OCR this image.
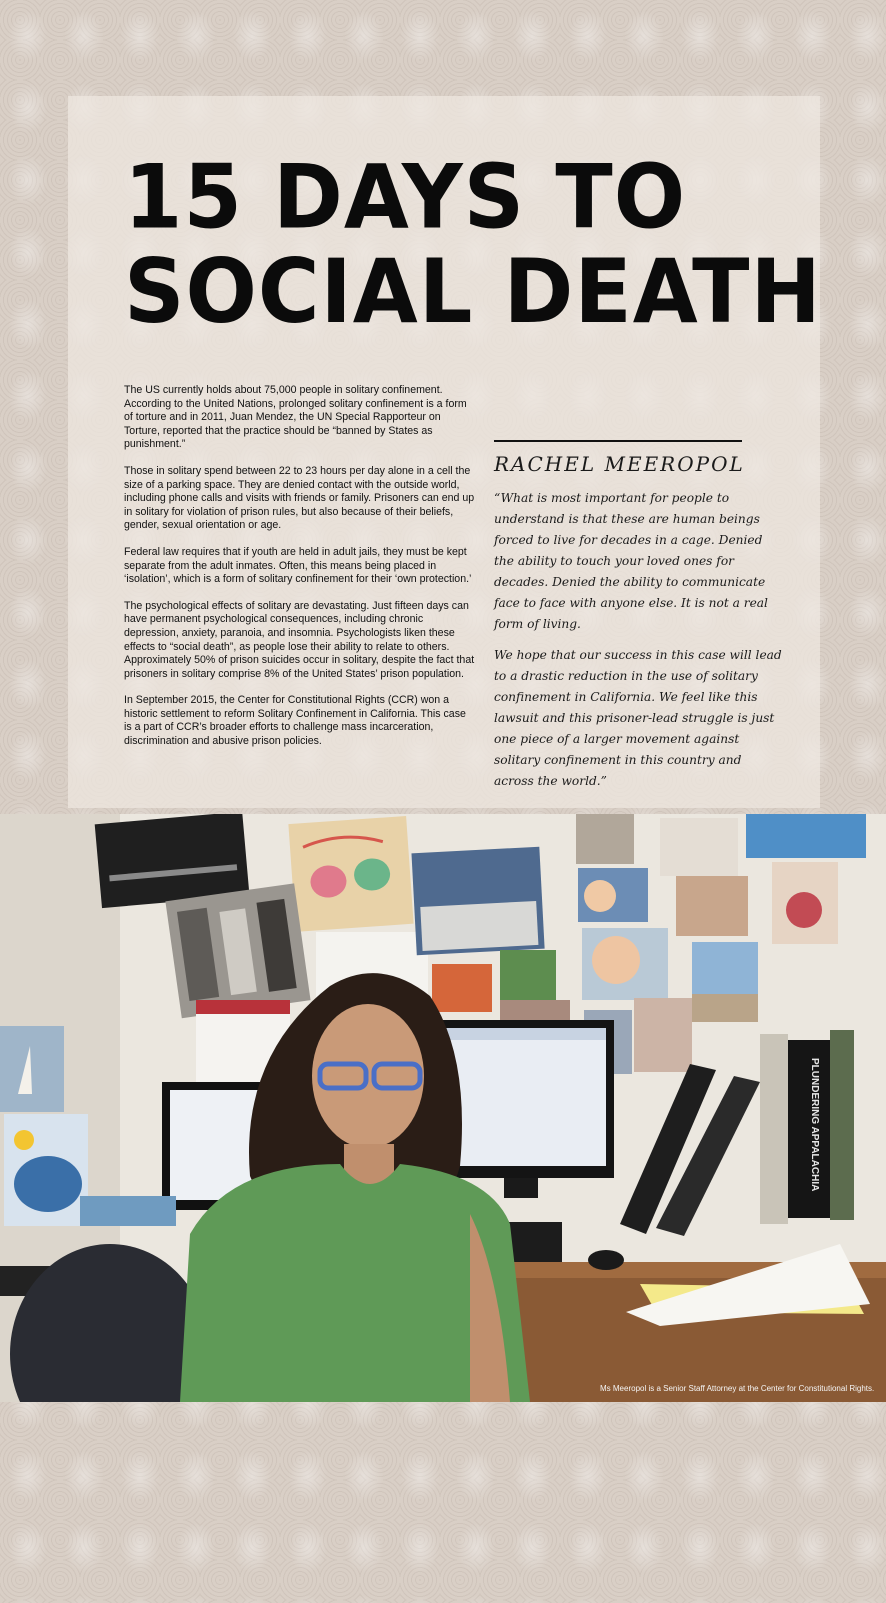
15 DAYS TO
SOCIAL DEATH

The US currently holds about 75,000 people in solitary confinement. According to the United Nations, prolonged solitary confinement is a form of torture and in 2011, Juan Mendez, the UN Special Rapporteur on Torture, reported that the practice should be “banned by States as punishment.”

Those in solitary spend between 22 to 23 hours per day alone in a cell the size of a parking space. They are denied contact with the outside world, including phone calls and visits with friends or family. Prisoners can end up in solitary for violation of prison rules, but also because of their beliefs, gender, sexual orientation or age.

Federal law requires that if youth are held in adult jails, they must be kept separate from the adult inmates. Often, this means being placed in ‘isolation’, which is a form of solitary confinement for their ‘own protection.’

The psychological effects of solitary are devastating. Just fifteen days can have permanent psychological consequences, including chronic depression, anxiety, paranoia, and insomnia. Psychologists liken these effects to “social death”, as people lose their ability to relate to others. Approximately 50% of prison suicides occur in solitary, despite the fact that prisoners in solitary comprise 8% of the United States’ prison population.

In September 2015, the Center for Constitutional Rights (CCR) won a historic settlement to reform Solitary Confinement in California. This case is a part of CCR’s broader efforts to challenge mass incarceration, discrimination and abusive prison policies.

RACHEL MEEROPOL

“What is most important for people to understand is that these are human beings forced to live for decades in a cage. Denied the ability to touch your loved ones for decades. Denied the ability to communicate face to face with anyone else. It is not a real form of living.

We hope that our success in this case will lead to a drastic reduction in the use of solitary confinement in California. We feel like this lawsuit and this prisoner-lead struggle is just one piece of a larger movement against solitary confinement in this country and across the world.”

PLUNDERING APPALACHIA
Ms Meeropol is a Senior Staff Attorney at the Center for Constitutional Rights.
